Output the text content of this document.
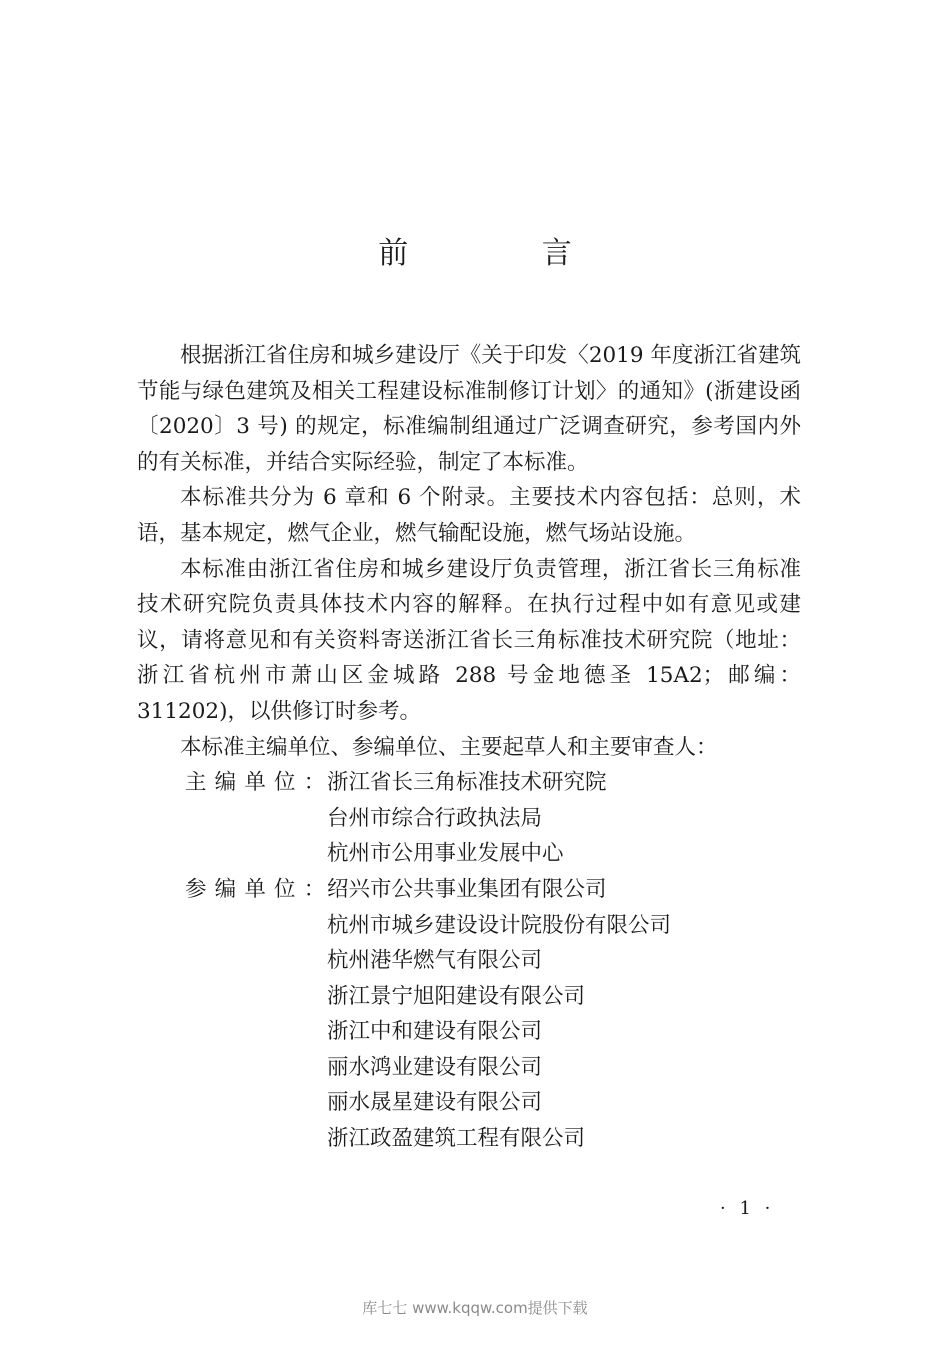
前 言

根据浙江省住房和城乡建设厅《关于印发〈2019 年度浙江省建筑节能与绿色建筑及相关工程建设标准制修订计划〉的通知》(浙建设函〔2020〕3 号) 的规定，标准编制组通过广泛调查研究，参考国内外的有关标准，并结合实际经验，制定了本标准。

本标准共分为 6 章和 6 个附录。主要技术内容包括：总则，术语，基本规定，燃气企业，燃气输配设施，燃气场站设施。

本标准由浙江省住房和城乡建设厅负责管理，浙江省长三角标准技术研究院负责具体技术内容的解释。在执行过程中如有意见或建议，请将意见和有关资料寄送浙江省长三角标准技术研究院（地址：浙江省杭州市萧山区金城路 288 号金地德圣 15A2；邮编：311202)，以供修订时参考。

本标准主编单位、参编单位、主要起草人和主要审查人：

主编单位： 浙江省长三角标准技术研究院
台州市综合行政执法局
杭州市公用事业发展中心
参编单位： 绍兴市公共事业集团有限公司
杭州市城乡建设设计院股份有限公司
杭州港华燃气有限公司
浙江景宁旭阳建设有限公司
浙江中和建设有限公司
丽水鸿业建设有限公司
丽水晟星建设有限公司
浙江政盈建筑工程有限公司
· 1 ·
库七七 www.kqqw.com提供下载
